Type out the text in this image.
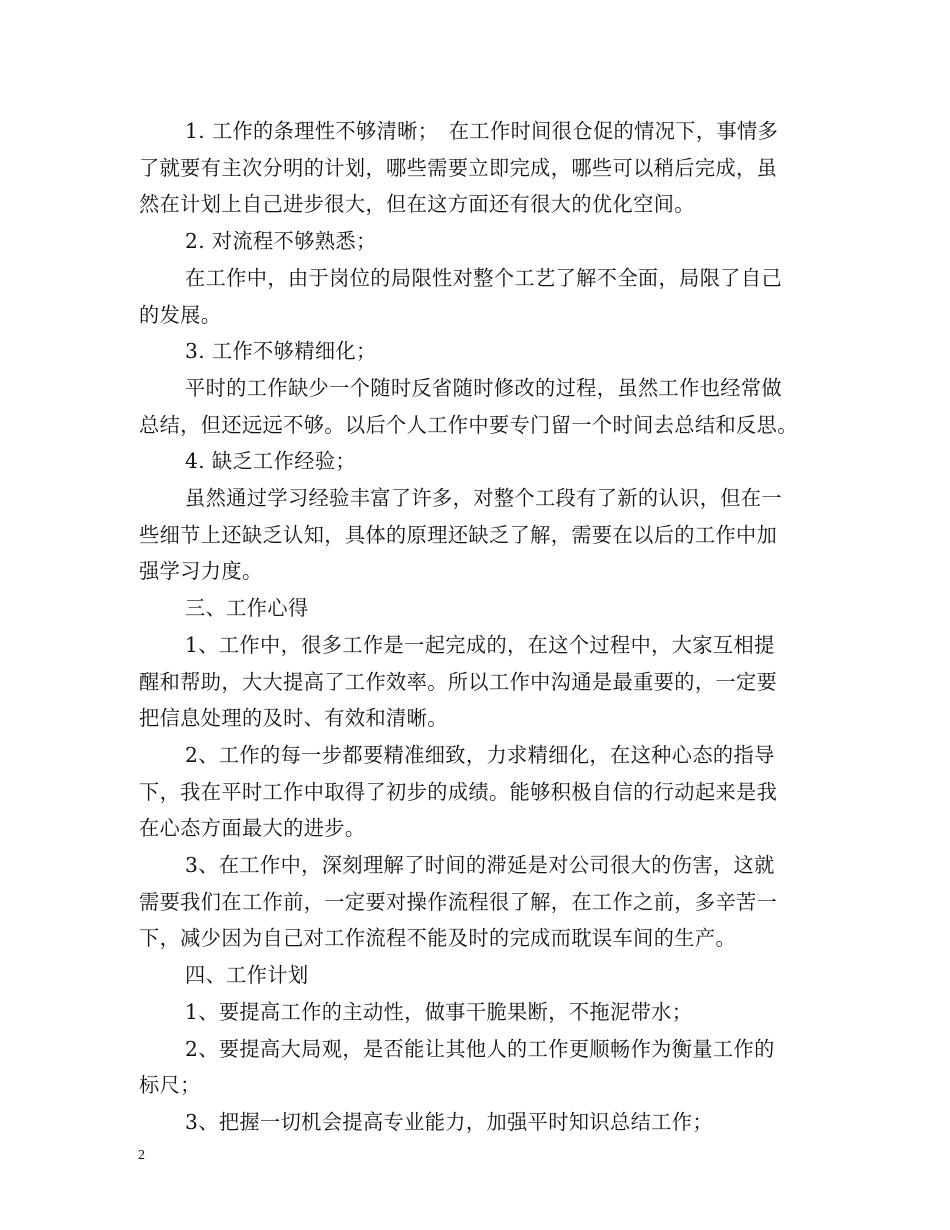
1. 工作的条理性不够清晰；　在工作时间很仓促的情况下，事情多

了就要有主次分明的计划，哪些需要立即完成，哪些可以稍后完成，虽

然在计划上自己进步很大，但在这方面还有很大的优化空间。

2. 对流程不够熟悉；

在工作中，由于岗位的局限性对整个工艺了解不全面，局限了自己

的发展。

3. 工作不够精细化；

平时的工作缺少一个随时反省随时修改的过程，虽然工作也经常做

总结，但还远远不够。以后个人工作中要专门留一个时间去总结和反思。

4. 缺乏工作经验；

虽然通过学习经验丰富了许多，对整个工段有了新的认识，但在一

些细节上还缺乏认知，具体的原理还缺乏了解，需要在以后的工作中加

强学习力度。

三、工作心得

1、工作中，很多工作是一起完成的，在这个过程中，大家互相提

醒和帮助，大大提高了工作效率。所以工作中沟通是最重要的，一定要

把信息处理的及时、有效和清晰。

2、工作的每一步都要精准细致，力求精细化，在这种心态的指导

下，我在平时工作中取得了初步的成绩。能够积极自信的行动起来是我

在心态方面最大的进步。

3、在工作中，深刻理解了时间的滞延是对公司很大的伤害，这就

需要我们在工作前，一定要对操作流程很了解，在工作之前，多辛苦一

下，减少因为自己对工作流程不能及时的完成而耽误车间的生产。

四、工作计划

1、要提高工作的主动性，做事干脆果断，不拖泥带水；

2、要提高大局观，是否能让其他人的工作更顺畅作为衡量工作的

标尺；

3、把握一切机会提高专业能力，加强平时知识总结工作；

2
